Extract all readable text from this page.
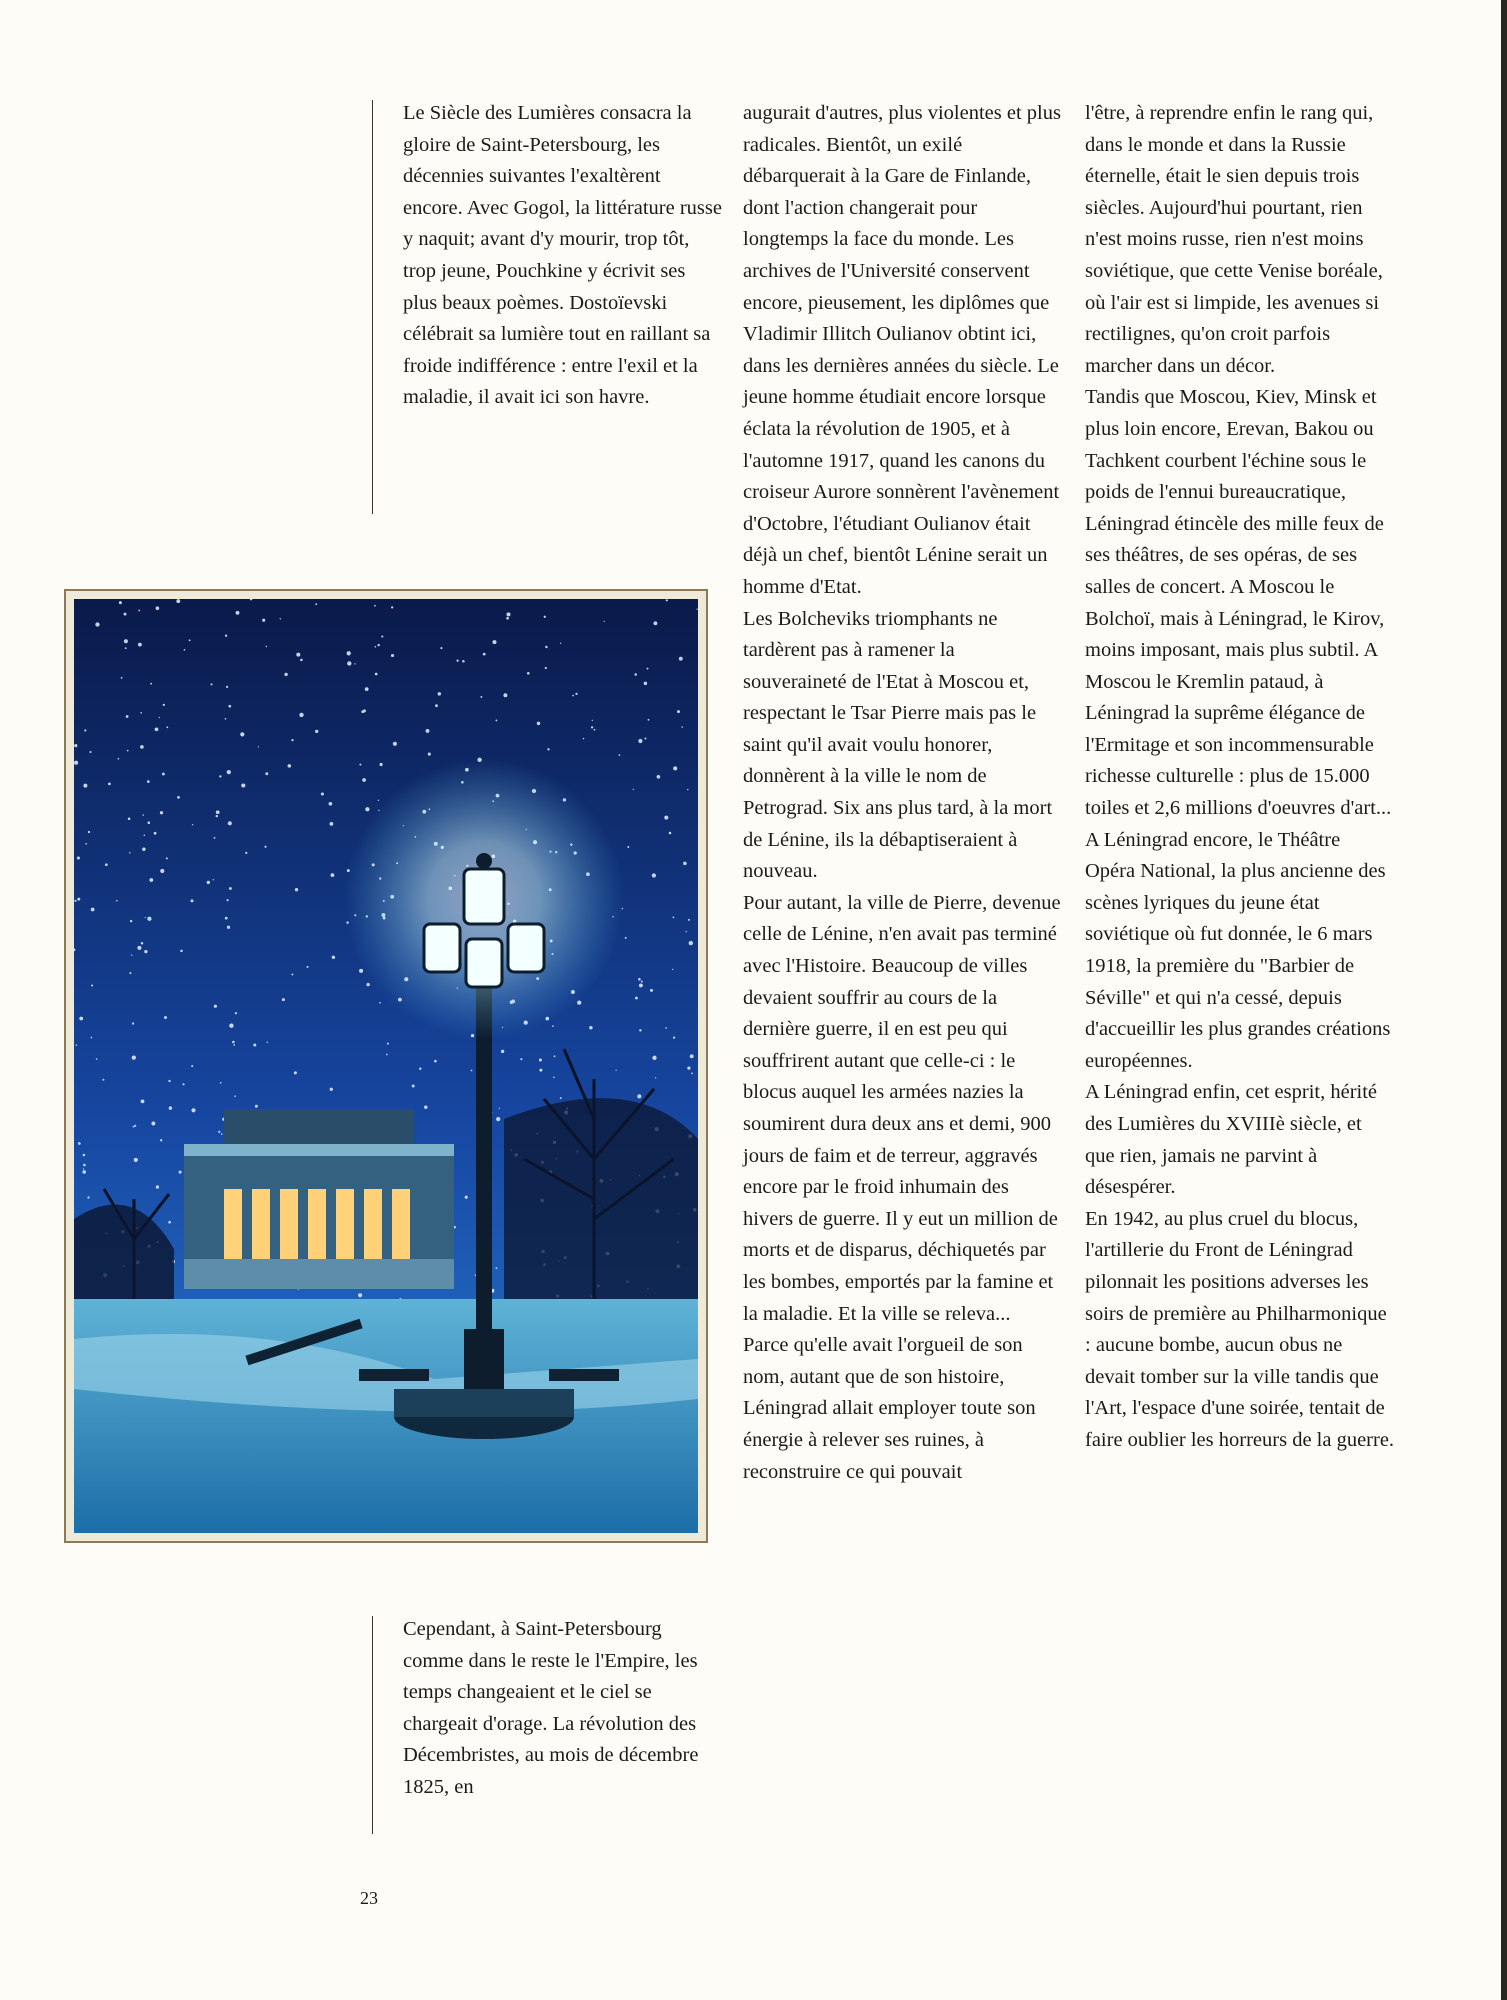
Le Siècle des Lumières consacra la gloire de Saint-Petersbourg, les décennies suivantes l'exaltèrent encore. Avec Gogol, la littérature russe y naquit; avant d'y mourir, trop tôt, trop jeune, Pouchkine y écrivit ses plus beaux poèmes. Dostoïevski célébrait sa lumière tout en raillant sa froide indifférence : entre l'exil et la maladie, il avait ici son havre.

Cependant, à Saint-Petersbourg comme dans le reste le l'Empire, les temps changeaient et le ciel se chargeait d'orage. La révolution des Décembristes, au mois de décembre 1825, en

augurait d'autres, plus violentes et plus radicales. Bientôt, un exilé débarquerait à la Gare de Finlande, dont l'action changerait pour longtemps la face du monde. Les archives de l'Université conservent encore, pieusement, les diplômes que Vladimir Illitch Oulianov obtint ici, dans les dernières années du siècle. Le jeune homme étudiait encore lorsque éclata la révolution de 1905, et à l'automne 1917, quand les canons du croiseur Aurore sonnèrent l'avènement d'Octobre, l'étudiant Oulianov était déjà un chef, bientôt Lénine serait un homme d'Etat.

Les Bolcheviks triomphants ne tardèrent pas à ramener la souveraineté de l'Etat à Moscou et, respectant le Tsar Pierre mais pas le saint qu'il avait voulu honorer, donnèrent à la ville le nom de Petrograd. Six ans plus tard, à la mort de Lénine, ils la débaptiseraient à nouveau.

Pour autant, la ville de Pierre, devenue celle de Lénine, n'en avait pas terminé avec l'Histoire. Beaucoup de villes devaient souffrir au cours de la dernière guerre, il en est peu qui souffrirent autant que celle-ci : le blocus auquel les armées nazies la soumirent dura deux ans et demi, 900 jours de faim et de terreur, aggravés encore par le froid inhumain des hivers de guerre. Il y eut un million de morts et de disparus, déchiquetés par les bombes, emportés par la famine et la maladie. Et la ville se releva...

Parce qu'elle avait l'orgueil de son nom, autant que de son histoire, Léningrad allait employer toute son énergie à relever ses ruines, à reconstruire ce qui pouvait

l'être, à reprendre enfin le rang qui, dans le monde et dans la Russie éternelle, était le sien depuis trois siècles. Aujourd'hui pourtant, rien n'est moins russe, rien n'est moins soviétique, que cette Venise boréale, où l'air est si limpide, les avenues si rectilignes, qu'on croit parfois marcher dans un décor.

Tandis que Moscou, Kiev, Minsk et plus loin encore, Erevan, Bakou ou Tachkent courbent l'échine sous le poids de l'ennui bureaucratique, Léningrad étincèle des mille feux de ses théâtres, de ses opéras, de ses salles de concert. A Moscou le Bolchoï, mais à Léningrad, le Kirov, moins imposant, mais plus subtil. A Moscou le Kremlin pataud, à Léningrad la suprême élégance de l'Ermitage et son incommensurable richesse culturelle : plus de 15.000 toiles et 2,6 millions d'oeuvres d'art...

A Léningrad encore, le Théâtre Opéra National, la plus ancienne des scènes lyriques du jeune état soviétique où fut donnée, le 6 mars 1918, la première du "Barbier de Séville" et qui n'a cessé, depuis d'accueillir les plus grandes créations européennes.

A Léningrad enfin, cet esprit, hérité des Lumières du XVIIIè siècle, et que rien, jamais ne parvint à désespérer.

En 1942, au plus cruel du blocus, l'artillerie du Front de Léningrad pilonnait les positions adverses les soirs de première au Philharmonique : aucune bombe, aucun obus ne devait tomber sur la ville tandis que l'Art, l'espace d'une soirée, tentait de faire oublier les horreurs de la guerre.

23
